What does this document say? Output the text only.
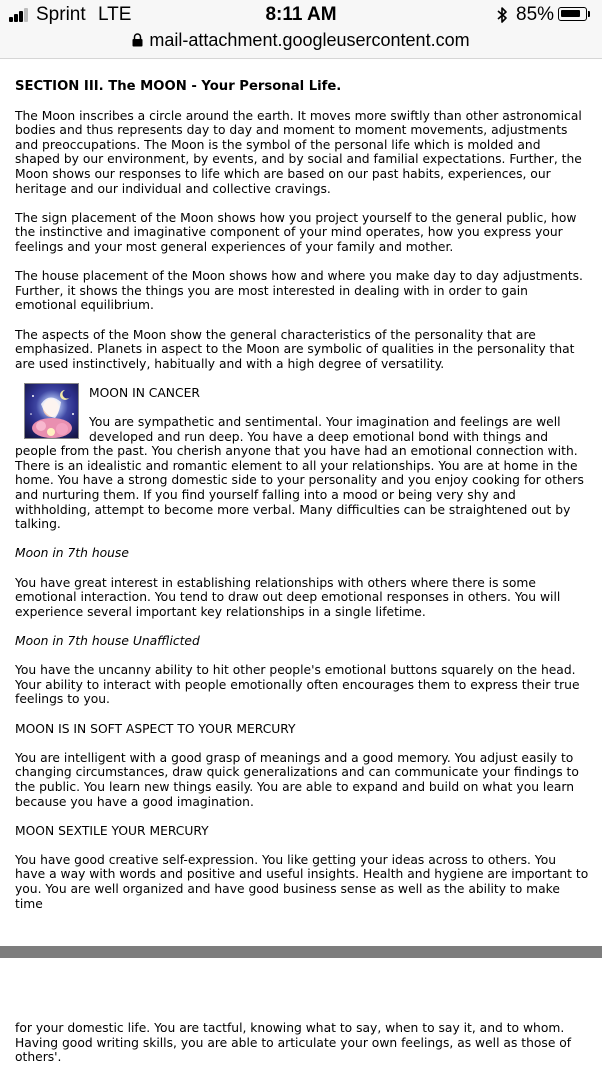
Sprint LTE	8:11 AM	85%
mail-attachment.googleusercontent.com

SECTION III. The MOON - Your Personal Life.

The Moon inscribes a circle around the earth. It moves more swiftly than other astronomical bodies and thus represents day to day and moment to moment movements, adjustments and preoccupations. The Moon is the symbol of the personal life which is molded and shaped by our environment, by events, and by social and familial expectations. Further, the Moon shows our responses to life which are based on our past habits, experiences, our heritage and our individual and collective cravings.

The sign placement of the Moon shows how you project yourself to the general public, how the instinctive and imaginative component of your mind operates, how you express your feelings and your most general experiences of your family and mother.

The house placement of the Moon shows how and where you make day to day adjustments. Further, it shows the things you are most interested in dealing with in order to gain emotional equilibrium.

The aspects of the Moon show the general characteristics of the personality that are emphasized. Planets in aspect to the Moon are symbolic of qualities in the personality that are used instinctively, habitually and with a high degree of versatility.

MOON IN CANCER

You are sympathetic and sentimental. Your imagination and feelings are well developed and run deep. You have a deep emotional bond with things and

people from the past. You cherish anyone that you have had an emotional connection with. There is an idealistic and romantic element to all your relationships. You are at home in the home. You have a strong domestic side to your personality and you enjoy cooking for others and nurturing them. If you find yourself falling into a mood or being very shy and withholding, attempt to become more verbal. Many difficulties can be straightened out by talking.

Moon in 7th house

You have great interest in establishing relationships with others where there is some emotional interaction. You tend to draw out deep emotional responses in others. You will experience several important key relationships in a single lifetime.

Moon in 7th house Unafflicted

You have the uncanny ability to hit other people's emotional buttons squarely on the head. Your ability to interact with people emotionally often encourages them to express their true feelings to you.

MOON IS IN SOFT ASPECT TO YOUR MERCURY

You are intelligent with a good grasp of meanings and a good memory. You adjust easily to changing circumstances, draw quick generalizations and can communicate your findings to the public. You learn new things easily. You are able to expand and build on what you learn because you have a good imagination.

MOON SEXTILE YOUR MERCURY

You have good creative self-expression. You like getting your ideas across to others. You have a way with words and positive and useful insights. Health and hygiene are important to you. You are well organized and have good business sense as well as the ability to make time

for your domestic life. You are tactful, knowing what to say, when to say it, and to whom. Having good writing skills, you are able to articulate your own feelings, as well as those of others'.
